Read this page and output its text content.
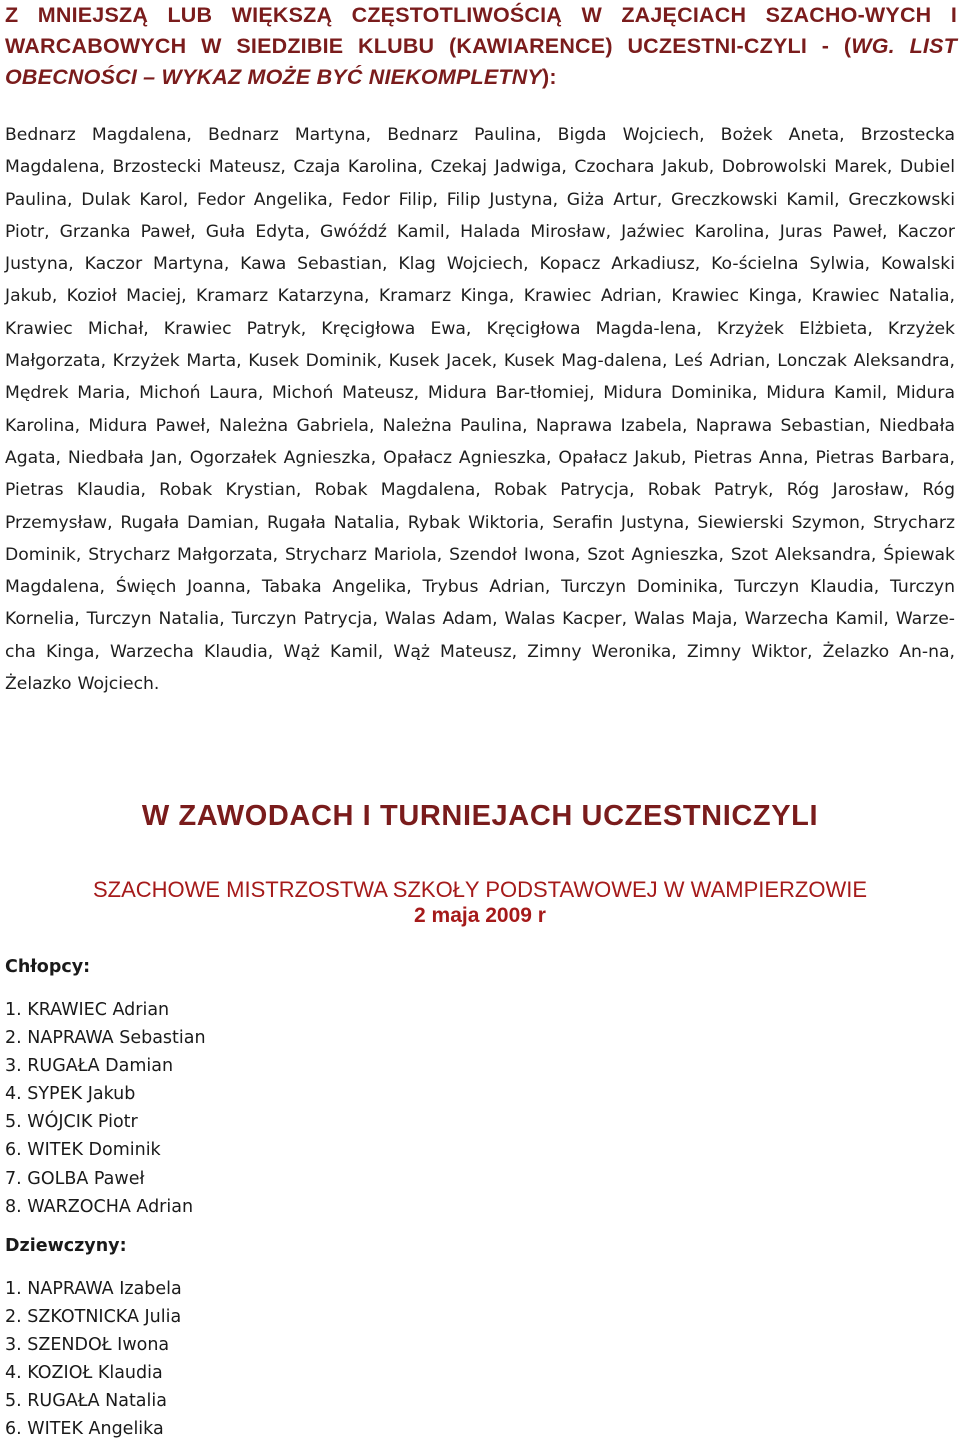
Z MNIEJSZĄ LUB WIĘKSZĄ CZĘSTOTLIWOŚCIĄ W ZAJĘCIACH SZACHO-WYCH I WARCABOWYCH W SIEDZIBIE KLUBU (KAWIARENCE) UCZESTNI-CZYLI - (WG. LIST OBECNOŚCI – WYKAZ MOŻE BYĆ NIEKOMPLETNY):

Bednarz Magdalena, Bednarz Martyna, Bednarz Paulina, Bigda Wojciech, Bożek Aneta, Brzostecka Magdalena, Brzostecki Mateusz, Czaja Karolina, Czekaj Jadwiga, Czochara Jakub, Dobrowolski Marek, Dubiel Paulina, Dulak Karol, Fedor Angelika, Fedor Filip, Filip Justyna, Giża Artur, Greczkowski Kamil, Greczkowski Piotr, Grzanka Paweł, Guła Edyta, Gwóźdź Kamil, Halada Mirosław, Jaźwiec Karolina, Juras Paweł, Kaczor Justyna, Kaczor Martyna, Kawa Sebastian, Klag Wojciech, Kopacz Arkadiusz, Ko-ścielna Sylwia, Kowalski Jakub, Kozioł Maciej, Kramarz Katarzyna, Kramarz Kinga, Krawiec Adrian, Krawiec Kinga, Krawiec Natalia, Krawiec Michał, Krawiec Patryk, Kręcigłowa Ewa, Kręcigłowa Magda-lena, Krzyżek Elżbieta, Krzyżek Małgorzata, Krzyżek Marta, Kusek Dominik, Kusek Jacek, Kusek Mag-dalena, Leś Adrian, Lonczak Aleksandra, Mędrek Maria, Michoń Laura, Michoń Mateusz, Midura Bar-tłomiej, Midura Dominika, Midura Kamil, Midura Karolina, Midura Paweł, Należna Gabriela, Należna Paulina, Naprawa Izabela, Naprawa Sebastian, Niedbała Agata, Niedbała Jan, Ogorzałek Agnieszka, Opałacz Agnieszka, Opałacz Jakub, Pietras Anna, Pietras Barbara, Pietras Klaudia, Robak Krystian, Robak Magdalena, Robak Patrycja, Robak Patryk, Róg Jarosław, Róg Przemysław, Rugała Damian, Rugała Natalia, Rybak Wiktoria, Serafin Justyna, Siewierski Szymon, Strycharz Dominik, Strycharz Małgorzata, Strycharz Mariola, Szendoł Iwona, Szot Agnieszka, Szot Aleksandra, Śpiewak Magdalena, Święch Joanna, Tabaka Angelika, Trybus Adrian, Turczyn Dominika, Turczyn Klaudia, Turczyn Kornelia, Turczyn Natalia, Turczyn Patrycja, Walas Adam, Walas Kacper, Walas Maja, Warzecha Kamil, Warze-cha Kinga, Warzecha Klaudia, Wąż Kamil, Wąż Mateusz, Zimny Weronika, Zimny Wiktor, Żelazko An-na, Żelazko Wojciech.

W ZAWODACH I TURNIEJACH UCZESTNICZYLI
SZACHOWE MISTRZOSTWA SZKOŁY PODSTAWOWEJ W WAMPIERZOWIE

2 maja 2009 r

Chłopcy:

1. KRAWIEC Adrian
2. NAPRAWA Sebastian
3. RUGAŁA Damian
4. SYPEK Jakub
5. WÓJCIK Piotr
6. WITEK Dominik
7. GOLBA Paweł
8. WARZOCHA Adrian

Dziewczyny:

1. NAPRAWA Izabela
2. SZKOTNICKA Julia
3. SZENDOŁ Iwona
4. KOZIOŁ Klaudia
5. RUGAŁA Natalia
6. WITEK Angelika
